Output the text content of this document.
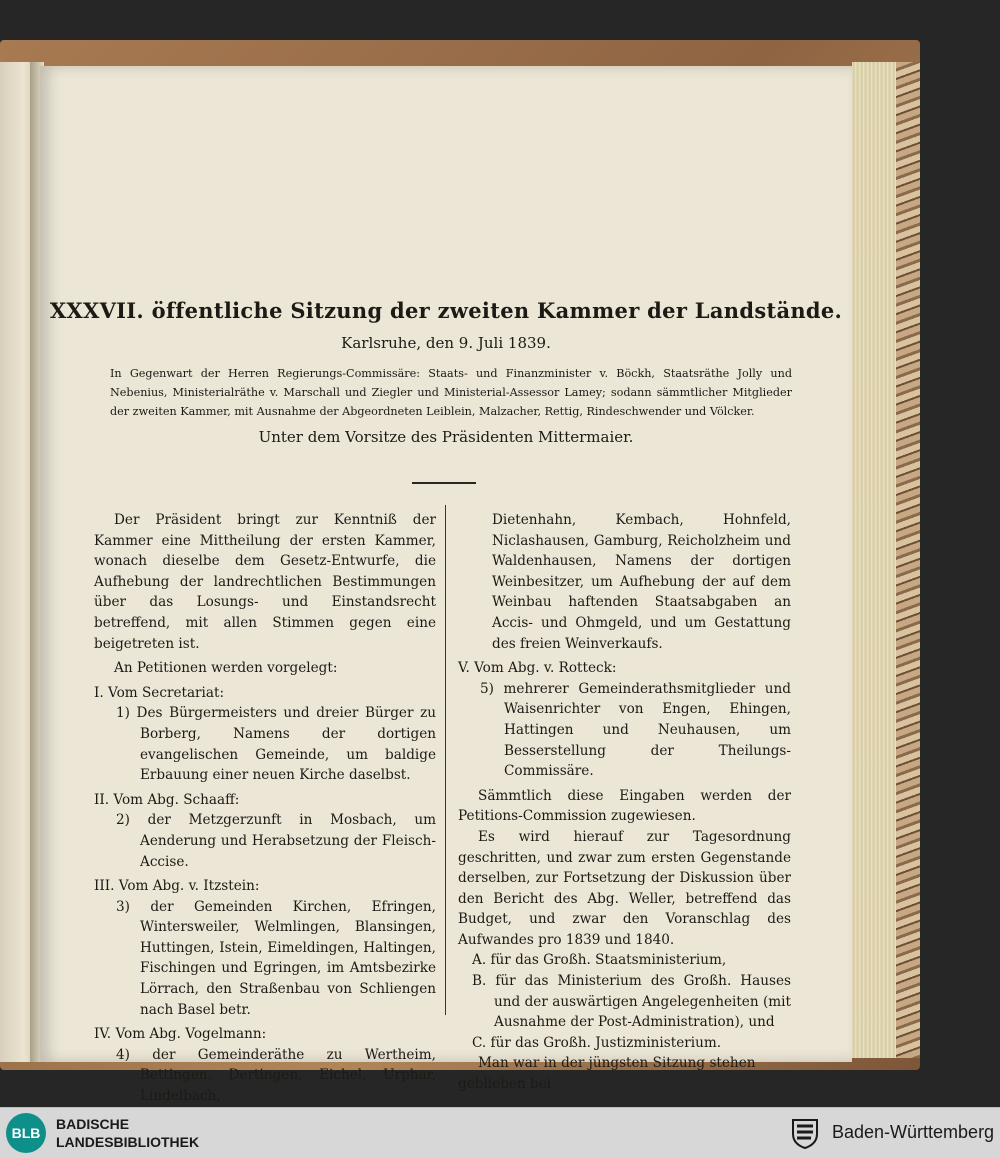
XXXVII. öffentliche Sitzung der zweiten Kammer der Landstände.
Karlsruhe, den 9. Juli 1839.
In Gegenwart der Herren Regierungs-Commissäre: Staats- und Finanzminister v. Böckh, Staatsräthe Jolly und Nebenius, Ministerialräthe v. Marschall und Ziegler und Ministerial-Assessor Lamey; sodann sämmtlicher Mitglieder der zweiten Kammer, mit Ausnahme der Abgeordneten Leiblein, Malzacher, Rettig, Rindeschwender und Völcker.
Unter dem Vorsitze des Präsidenten Mittermaier.

Der Präsident bringt zur Kenntniß der Kammer eine Mittheilung der ersten Kammer, wonach dieselbe dem Gesetz-Entwurfe, die Aufhebung der landrechtlichen Bestimmungen über das Losungs- und Einstandsrecht betreffend, mit allen Stimmen gegen eine beigetreten ist.

An Petitionen werden vorgelegt:

I. Vom Secretariat:

1) Des Bürgermeisters und dreier Bürger zu Borberg, Namens der dortigen evangelischen Gemeinde, um baldige Erbauung einer neuen Kirche daselbst.

II. Vom Abg. Schaaff:

2) der Metzgerzunft in Mosbach, um Aenderung und Herabsetzung der Fleisch-Accise.

III. Vom Abg. v. Itzstein:

3) der Gemeinden Kirchen, Efringen, Wintersweiler, Welmlingen, Blansingen, Huttingen, Istein, Eimeldingen, Haltingen, Fischingen und Egringen, im Amtsbezirke Lörrach, den Straßenbau von Schliengen nach Basel betr.

IV. Vom Abg. Vogelmann:

4) der Gemeinderäthe zu Wertheim, Bettingen, Dertingen, Eichel, Urphar, Lindelbach,

Dietenhahn, Kembach, Hohnfeld, Niclashausen, Gamburg, Reicholzheim und Waldenhausen, Namens der dortigen Weinbesitzer, um Aufhebung der auf dem Weinbau haftenden Staatsabgaben an Accis- und Ohmgeld, und um Gestattung des freien Weinverkaufs.

V. Vom Abg. v. Rotteck:

5) mehrerer Gemeinderathsmitglieder und Waisenrichter von Engen, Ehingen, Hattingen und Neuhausen, um Besserstellung der Theilungs-Commissäre.

Sämmtlich diese Eingaben werden der Petitions-Commission zugewiesen.

Es wird hierauf zur Tagesordnung geschritten, und zwar zum ersten Gegenstande derselben, zur Fortsetzung der Diskussion über den Bericht des Abg. Weller, betreffend das Budget, und zwar den Voranschlag des Aufwandes pro 1839 und 1840.

A. für das Großh. Staatsministerium,

B. für das Ministerium des Großh. Hauses und der auswärtigen Angelegenheiten (mit Ausnahme der Post-Administration), und

C. für das Großh. Justizministerium.

Man war in der jüngsten Sitzung stehen geblieben bei

BLB
BADISCHE
LANDESBIBLIOTHEK	Baden-Württemberg
